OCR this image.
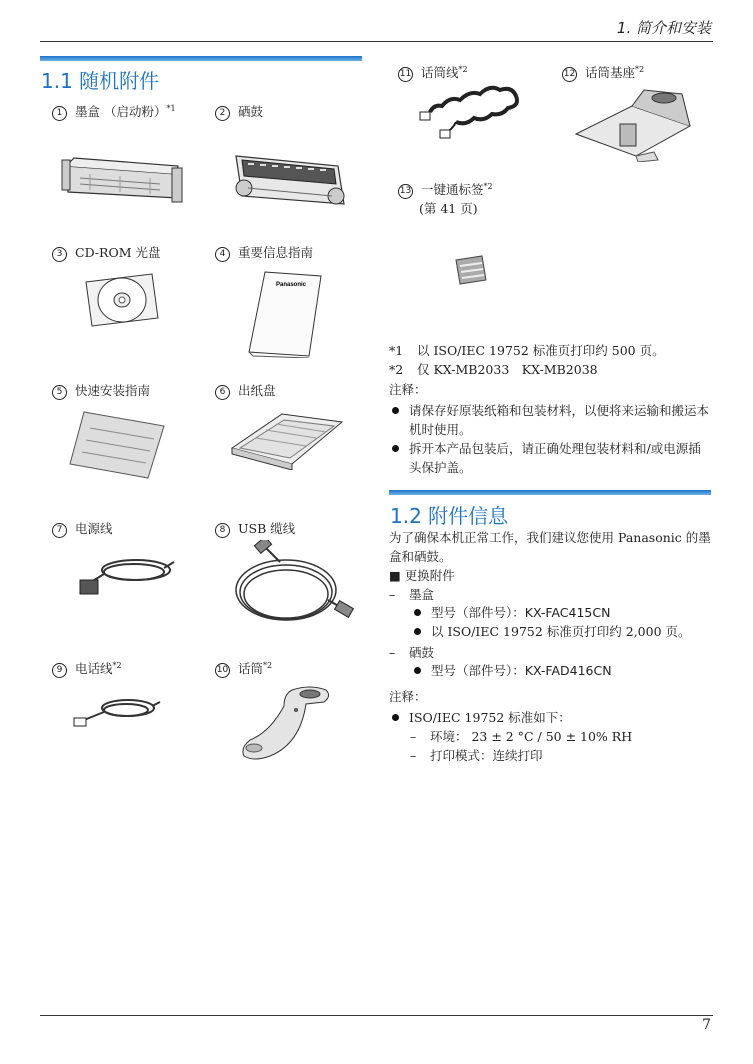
1. 简介和安装
1.1 随机附件
1 墨盒 （启动粉）$^{*1}$	2 硒鼓
3 CD-ROM 光盘	4 重要信息指南
5 快速安装指南	6 出纸盘
7 电源线	8 USB 缆线
9 电话线$^{*2}$	10 话筒$^{*2}$
11 话筒线$^{*2}$	12 话筒基座$^{*2}$
13 一键通标签$^{*2}$
(第 41 页)
Panasonic
*1 以 ISO/IEC 19752 标准页打印约 500 页。
*2 仅 KX-MB2033　KX-MB2038
注释：
请保存好原装纸箱和包装材料，以便将来运输和搬运本机时使用。
拆开本产品包装后，请正确处理包装材料和/或电源插头保护盖。
1.2 附件信息
为了确保本机正常工作，我们建议您使用 Panasonic 的墨盒和硒鼓。
■ 更换附件
– 墨盒
型号（部件号）：KX-FAC415CN
以 ISO/IEC 19752 标准页打印约 2,000 页。
– 硒鼓
型号（部件号）：KX-FAD416CN
注释：
ISO/IEC 19752 标准如下：
– 环境： 23 ± 2 °C / 50 ± 10% RH
– 打印模式：连续打印
7
